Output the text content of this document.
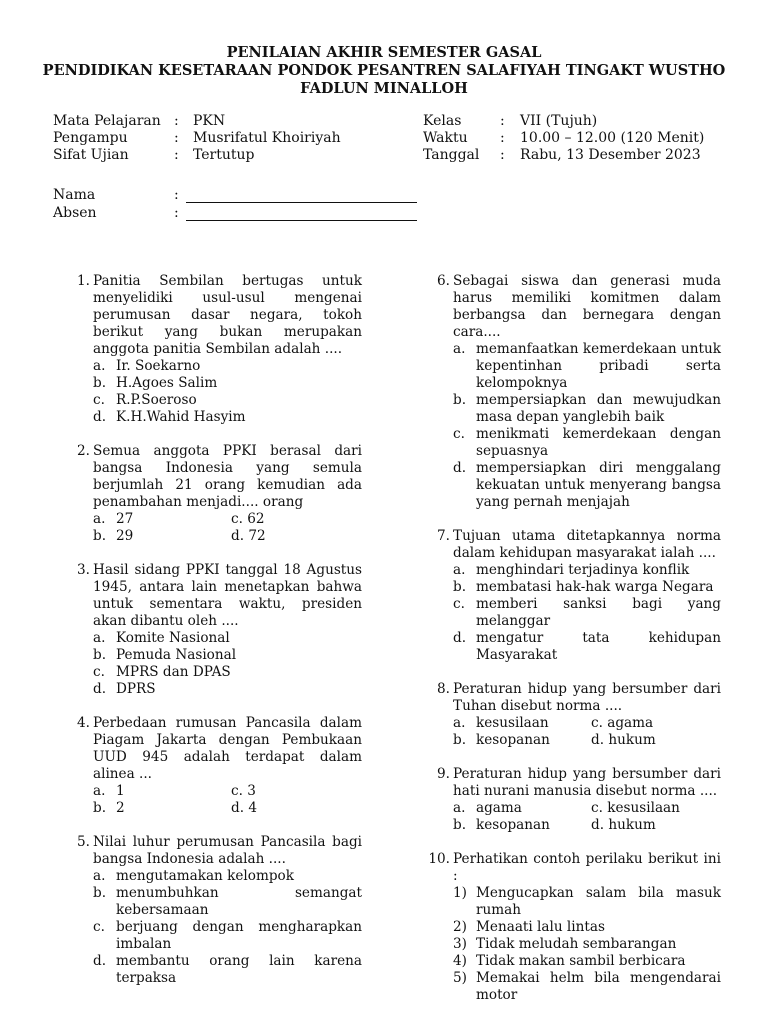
PENILAIAN AKHIR SEMESTER GASAL
PENDIDIKAN KESETARAAN PONDOK PESANTREN SALAFIYAH TINGAKT WUSTHO
FADLUN MINALLOH
Mata Pelajaran : PKN
Pengampu	: Musrifatul Khoiriyah
Sifat Ujian	: Tertutup
Kelas	: VII (Tujuh)
Waktu : 10.00 – 12.00 (120 Menit)
Tanggal : Rabu, 13 Desember 2023
Nama	:
Absen	:
1. Panitia Sembilan bertugas untuk menyelidiki usul-usul mengenai perumusan dasar negara, tokoh berikut yang bukan merupakan anggota panitia Sembilan adalah ....
a. Ir. Soekarno
b. H.Agoes Salim
c. R.P.Soeroso
d. K.H.Wahid Hasyim
2. Semua anggota PPKI berasal dari bangsa Indonesia yang semula berjumlah 21 orang kemudian ada penambahan menjadi.... orang
a. 27	c. 62
b. 29	d. 72
3. Hasil sidang PPKI tanggal 18 Agustus 1945, antara lain menetapkan bahwa untuk sementara waktu, presiden akan dibantu oleh ....
a. Komite Nasional
b. Pemuda Nasional
c. MPRS dan DPAS
d. DPRS
4. Perbedaan rumusan Pancasila dalam Piagam Jakarta dengan Pembukaan UUD 945 adalah terdapat dalam alinea ...
a. 1	c. 3
b. 2	d. 4
5. Nilai luhur perumusan Pancasila bagi bangsa Indonesia adalah ....
a. mengutamakan kelompok
b. menumbuhkan semangat kebersamaan
c. berjuang dengan mengharapkan imbalan
d. membantu orang lain karena terpaksa
6. Sebagai siswa dan generasi muda harus memiliki komitmen dalam berbangsa dan bernegara dengan cara....
a. memanfaatkan kemerdekaan untuk kepentinhan pribadi serta kelompoknya
b. mempersiapkan dan mewujudkan masa depan yanglebih baik
c. menikmati kemerdekaan dengan sepuasnya
d. mempersiapkan diri menggalang kekuatan untuk menyerang bangsa yang pernah menjajah
7. Tujuan utama ditetapkannya norma dalam kehidupan masyarakat ialah ....
a. menghindari terjadinya konflik
b. membatasi hak-hak warga Negara
c. memberi sanksi bagi yang melanggar
d. mengatur tata kehidupan Masyarakat
8. Peraturan hidup yang bersumber dari Tuhan disebut norma ....
a. kesusilaan	c. agama
b. kesopanan	d. hukum
9. Peraturan hidup yang bersumber dari hati nurani manusia disebut norma ....
a. agama	c. kesusilaan
b. kesopanan	d. hukum
10. Perhatikan contoh perilaku berikut ini :
1) Mengucapkan salam bila masuk rumah
2) Menaati lalu lintas
3) Tidak meludah sembarangan
4) Tidak makan sambil berbicara
5) Memakai helm bila mengendarai motor
